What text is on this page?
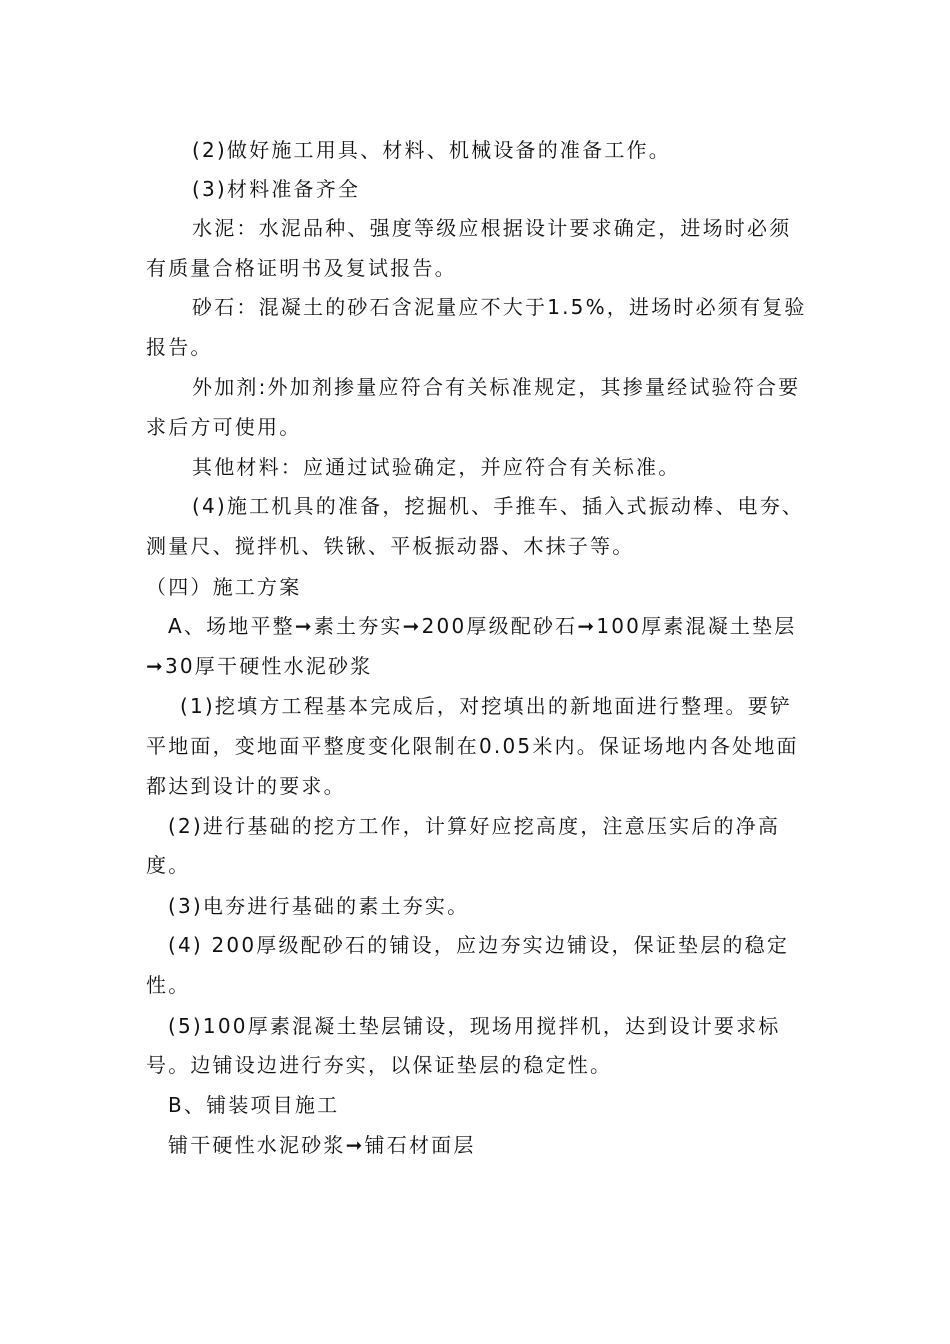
(2)做好施工用具、材料、机械设备的准备工作。
(3)材料准备齐全
水泥：水泥品种、强度等级应根据设计要求确定，进场时必须
有质量合格证明书及复试报告。
砂石：混凝土的砂石含泥量应不大于1.5%，进场时必须有复验
报告。
外加剂:外加剂掺量应符合有关标准规定，其掺量经试验符合要
求后方可使用。
其他材料：应通过试验确定，并应符合有关标准。
(4)施工机具的准备，挖掘机、手推车、插入式振动棒、电夯、
测量尺、搅拌机、铁锹、平板振动器、木抹子等。
（四）施工方案
A、场地平整➞素土夯实➞200厚级配砂石➞100厚素混凝土垫层
➞30厚干硬性水泥砂浆
(1)挖填方工程基本完成后，对挖填出的新地面进行整理。要铲
平地面，变地面平整度变化限制在0.05米内。保证场地内各处地面
都达到设计的要求。
(2)进行基础的挖方工作，计算好应挖高度，注意压实后的净高
度。
(3)电夯进行基础的素土夯实。
(4) 200厚级配砂石的铺设，应边夯实边铺设，保证垫层的稳定
性。
(5)100厚素混凝土垫层铺设，现场用搅拌机，达到设计要求标
号。边铺设边进行夯实，以保证垫层的稳定性。
B、铺装项目施工
铺干硬性水泥砂浆➞铺石材面层
